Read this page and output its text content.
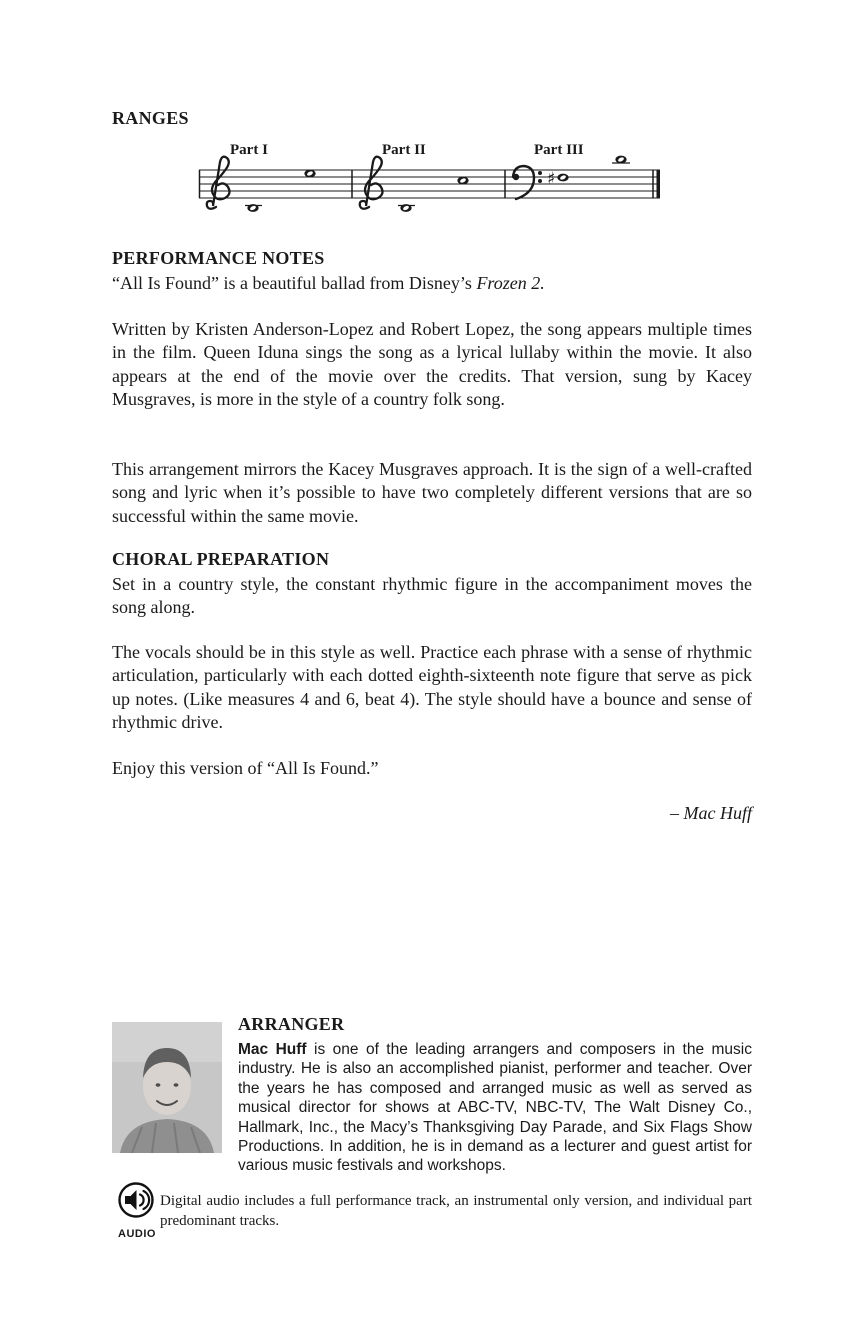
RANGES
Part I	Part II	Part III
♯
PERFORMANCE NOTES

“All Is Found” is a beautiful ballad from Disney’s Frozen 2.

Written by Kristen Anderson-Lopez and Robert Lopez, the song appears multiple times in the film. Queen Iduna sings the song as a lyrical lullaby within the movie. It also appears at the end of the movie over the credits. That version, sung by Kacey Musgraves, is more in the style of a country folk song.

This arrangement mirrors the Kacey Musgraves approach. It is the sign of a well-crafted song and lyric when it’s possible to have two completely different versions that are so successful within the same movie.

CHORAL PREPARATION

Set in a country style, the constant rhythmic figure in the accompaniment moves the song along.

The vocals should be in this style as well. Practice each phrase with a sense of rhythmic articulation, particularly with each dotted eighth-sixteenth note figure that serve as pick up notes. (Like measures 4 and 6, beat 4). The style should have a bounce and sense of rhythmic drive.

Enjoy this version of “All Is Found.”

– Mac Huff

ARRANGER

Mac Huff is one of the leading arrangers and composers in the music industry. He is also an accomplished pianist, performer and teacher. Over the years he has composed and arranged music as well as served as musical director for shows at ABC-TV, NBC-TV, The Walt Disney Co., Hallmark, Inc., the Macy’s Thanksgiving Day Parade, and Six Flags Show Productions. In addition, he is in demand as a lecturer and guest artist for various music festivals and workshops.

AUDIO

Digital audio includes a full performance track, an instrumental only version, and individual part predominant tracks.
